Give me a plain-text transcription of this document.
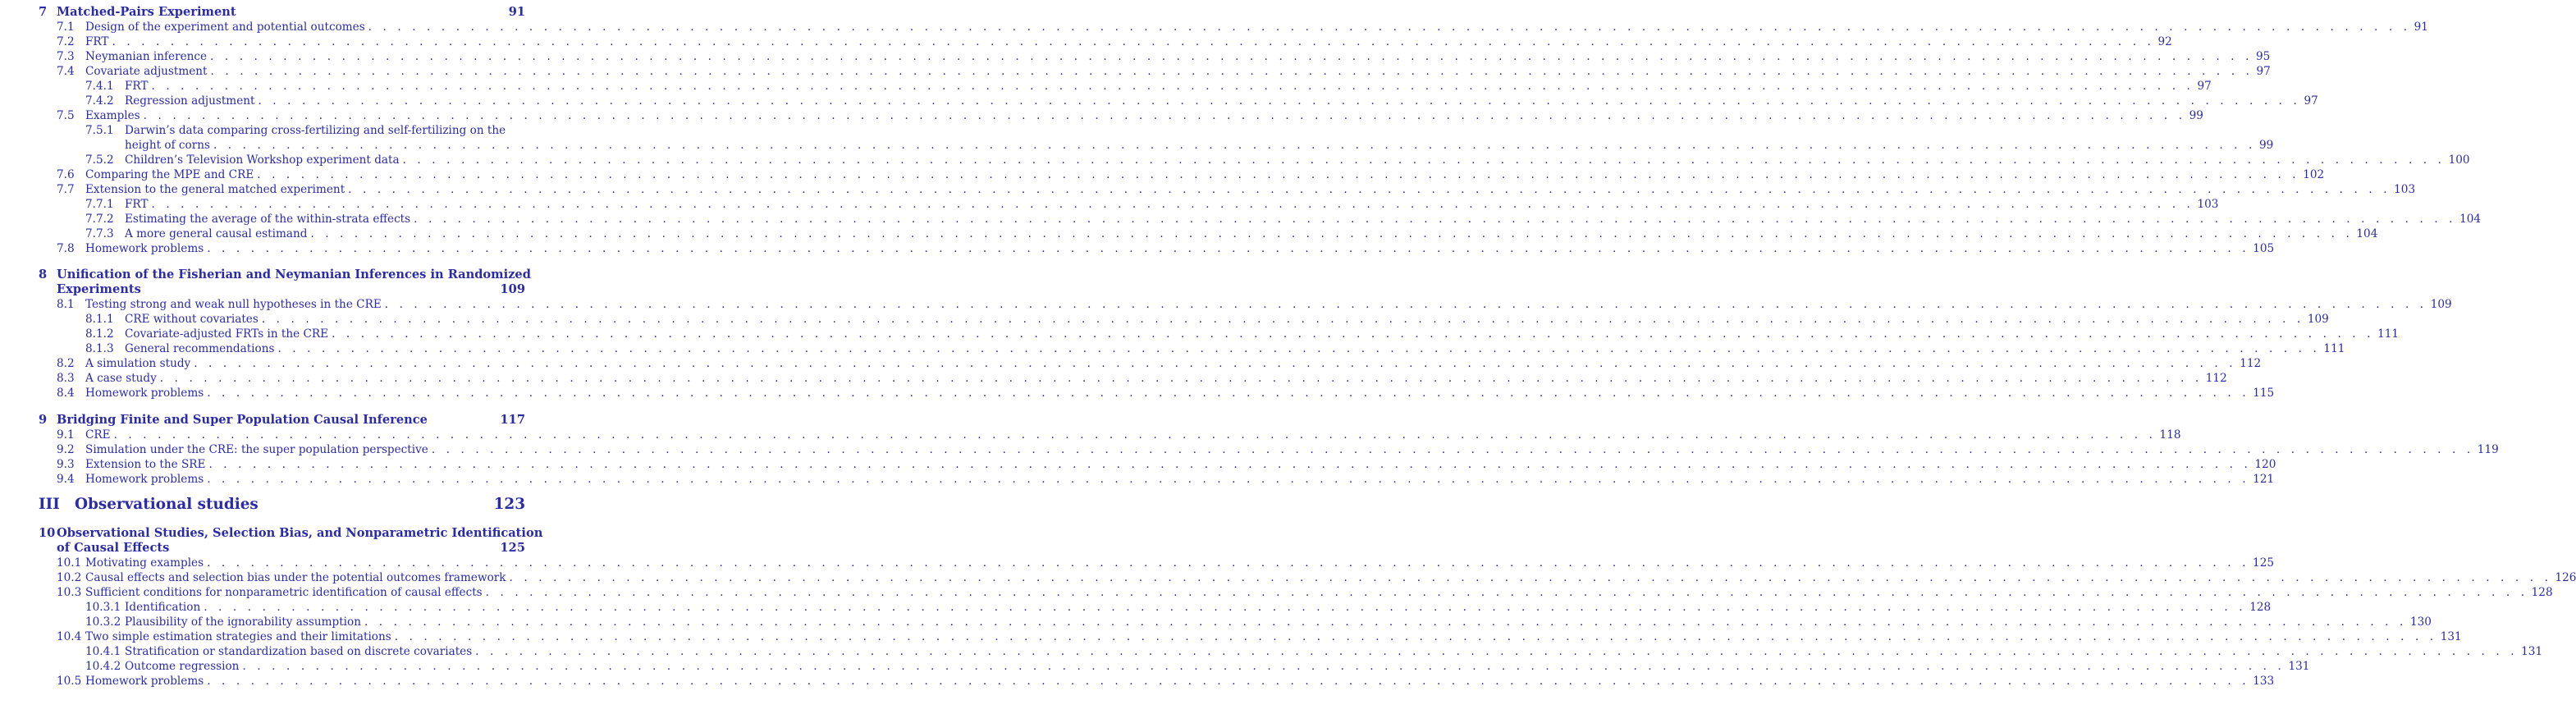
7 Matched-Pairs Experiment	91
7.1 Design of the experiment and potential outcomes . . .	91
7.2 FRT . . .	92
7.3 Neymanian inference . . .	95
7.4 Covariate adjustment . . .	97
7.4.1 FRT . . .	97
7.4.2 Regression adjustment . . .	97
7.5 Examples . . .	99
7.5.1 Darwin’s data comparing cross-fertilizing and self-fertilizing on the
height of corns . . .	99
7.5.2 Children’s Television Workshop experiment data . . .	100
7.6 Comparing the MPE and CRE . . .	102
7.7 Extension to the general matched experiment . . .	103
7.7.1 FRT . . .	103
7.7.2 Estimating the average of the within-strata effects . . .	104
7.7.3 A more general causal estimand . . .	104
7.8 Homework problems . . .	105
8 Unification of the Fisherian and Neymanian Inferences in Randomized
Experiments	109
8.1 Testing strong and weak null hypotheses in the CRE . . .	109
8.1.1 CRE without covariates . . .	109
8.1.2 Covariate-adjusted FRTs in the CRE . . .	111
8.1.3 General recommendations . . .	111
8.2 A simulation study . . .	112
8.3 A case study . . .	112
8.4 Homework problems . . .	115
9 Bridging Finite and Super Population Causal Inference	117
9.1 CRE . . .	118
9.2 Simulation under the CRE: the super population perspective . . .	119
9.3 Extension to the SRE . . .	120
9.4 Homework problems . . .	121
III Observational studies	123
10 Observational Studies, Selection Bias, and Nonparametric Identification
of Causal Effects	125
10.1 Motivating examples . . .	125
10.2 Causal effects and selection bias under the potential outcomes framework . . .	126
10.3 Sufficient conditions for nonparametric identification of causal effects . . .	128
10.3.1 Identification . . .	128
10.3.2 Plausibility of the ignorability assumption . . .	130
10.4 Two simple estimation strategies and their limitations . . .	131
10.4.1 Stratification or standardization based on discrete covariates . . .	131
10.4.2 Outcome regression . . .	131
10.5 Homework problems . . .	133
